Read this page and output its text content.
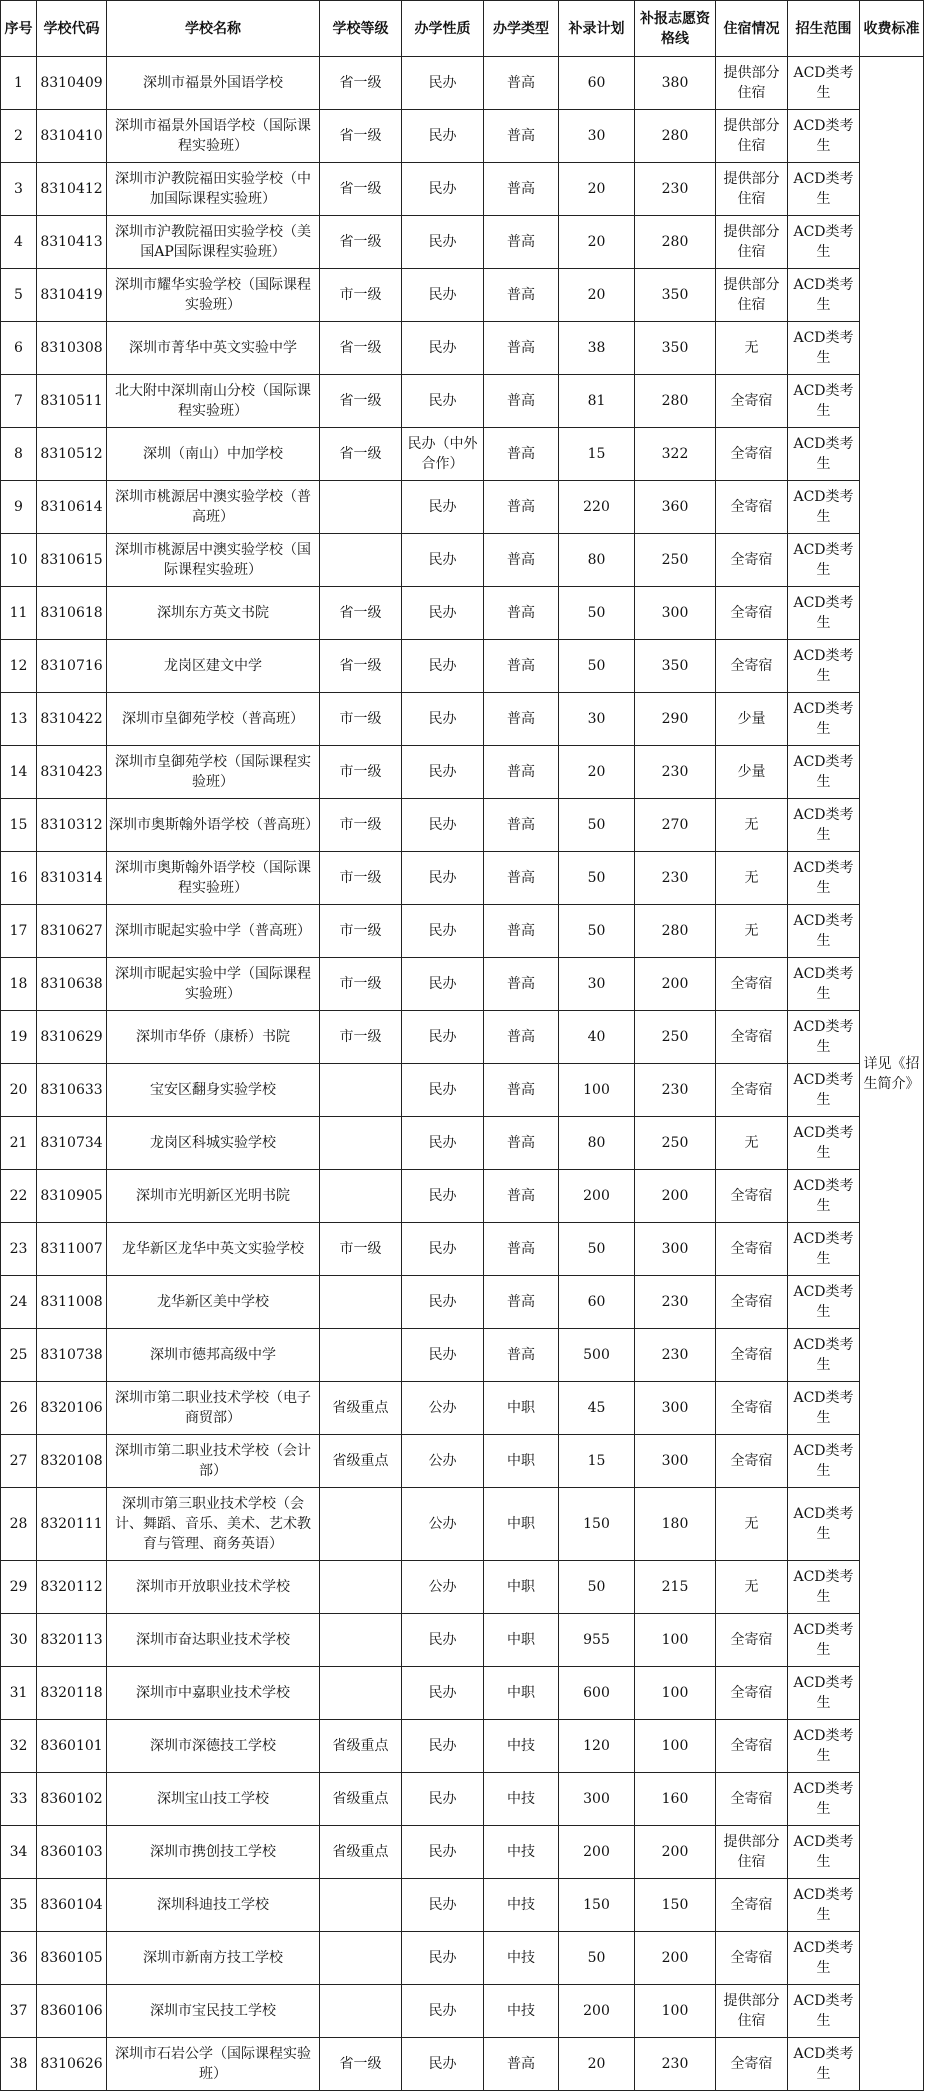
序号	学校代码	学校名称	学校等级	办学性质	办学类型	补录计划	补报志愿资格线	住宿情况	招生范围	收费标准
1	8310409	深圳市福景外国语学校	省一级	民办	普高	60	380	提供部分住宿	ACD类考生	详见《招生简介》
2	8310410	深圳市福景外国语学校（国际课程实验班）	省一级	民办	普高	30	280	提供部分住宿	ACD类考生	
3	8310412	深圳市沪教院福田实验学校（中加国际课程实验班）	省一级	民办	普高	20	230	提供部分住宿	ACD类考生	
4	8310413	深圳市沪教院福田实验学校（美国AP国际课程实验班）	省一级	民办	普高	20	280	提供部分住宿	ACD类考生	
5	8310419	深圳市耀华实验学校（国际课程实验班）	市一级	民办	普高	20	350	提供部分住宿	ACD类考生	
6	8310308	深圳市菁华中英文实验中学	省一级	民办	普高	38	350	无	ACD类考生	
7	8310511	北大附中深圳南山分校（国际课程实验班）	省一级	民办	普高	81	280	全寄宿	ACD类考生	
8	8310512	深圳（南山）中加学校	省一级	民办（中外合作）	普高	15	322	全寄宿	ACD类考生	
9	8310614	深圳市桃源居中澳实验学校（普高班）		民办	普高	220	360	全寄宿	ACD类考生	
10	8310615	深圳市桃源居中澳实验学校（国际课程实验班）		民办	普高	80	250	全寄宿	ACD类考生	
11	8310618	深圳东方英文书院	省一级	民办	普高	50	300	全寄宿	ACD类考生	
12	8310716	龙岗区建文中学	省一级	民办	普高	50	350	全寄宿	ACD类考生	
13	8310422	深圳市皇御苑学校（普高班）	市一级	民办	普高	30	290	少量	ACD类考生	
14	8310423	深圳市皇御苑学校（国际课程实验班）	市一级	民办	普高	20	230	少量	ACD类考生	
15	8310312	深圳市奥斯翰外语学校（普高班）	市一级	民办	普高	50	270	无	ACD类考生	
16	8310314	深圳市奥斯翰外语学校（国际课程实验班）	市一级	民办	普高	50	230	无	ACD类考生	
17	8310627	深圳市昵起实验中学（普高班）	市一级	民办	普高	50	280	无	ACD类考生	
18	8310638	深圳市昵起实验中学（国际课程实验班）	市一级	民办	普高	30	200	全寄宿	ACD类考生	
19	8310629	深圳市华侨（康桥）书院	市一级	民办	普高	40	250	全寄宿	ACD类考生	
20	8310633	宝安区翻身实验学校		民办	普高	100	230	全寄宿	ACD类考生	
21	8310734	龙岗区科城实验学校		民办	普高	80	250	无	ACD类考生	
22	8310905	深圳市光明新区光明书院		民办	普高	200	200	全寄宿	ACD类考生	
23	8311007	龙华新区龙华中英文实验学校	市一级	民办	普高	50	300	全寄宿	ACD类考生	
24	8311008	龙华新区美中学校		民办	普高	60	230	全寄宿	ACD类考生	
25	8310738	深圳市德邦高级中学		民办	普高	500	230	全寄宿	ACD类考生	
26	8320106	深圳市第二职业技术学校（电子商贸部）	省级重点	公办	中职	45	300	全寄宿	ACD类考生	
27	8320108	深圳市第二职业技术学校（会计部）	省级重点	公办	中职	15	300	全寄宿	ACD类考生	
28	8320111	深圳市第三职业技术学校（会计、舞蹈、音乐、美术、艺术教育与管理、商务英语）		公办	中职	150	180	无	ACD类考生	
29	8320112	深圳市开放职业技术学校		公办	中职	50	215	无	ACD类考生	
30	8320113	深圳市奋达职业技术学校		民办	中职	955	100	全寄宿	ACD类考生	
31	8320118	深圳市中嘉职业技术学校		民办	中职	600	100	全寄宿	ACD类考生	
32	8360101	深圳市深德技工学校	省级重点	民办	中技	120	100	全寄宿	ACD类考生	
33	8360102	深圳宝山技工学校	省级重点	民办	中技	300	160	全寄宿	ACD类考生	
34	8360103	深圳市携创技工学校	省级重点	民办	中技	200	200	提供部分住宿	ACD类考生	
35	8360104	深圳科迪技工学校		民办	中技	150	150	全寄宿	ACD类考生	
36	8360105	深圳市新南方技工学校		民办	中技	50	200	全寄宿	ACD类考生	
37	8360106	深圳市宝民技工学校		民办	中技	200	100	提供部分住宿	ACD类考生	
38	8310626	深圳市石岩公学（国际课程实验班）	省一级	民办	普高	20	230	全寄宿	ACD类考生	
